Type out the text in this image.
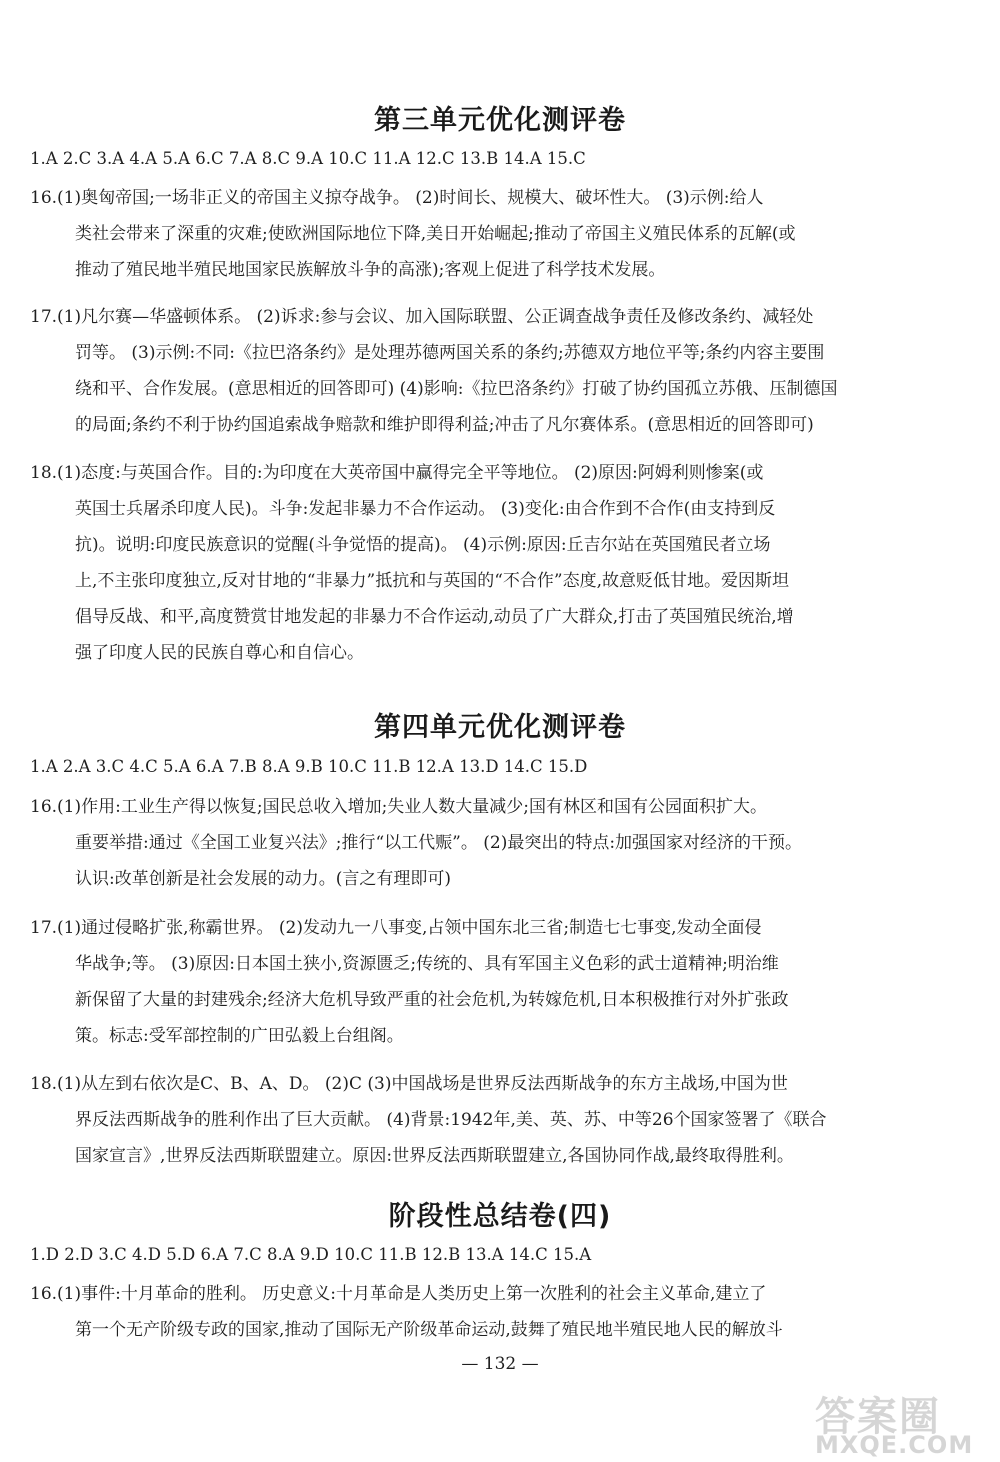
第三单元优化测评卷

1.A 2.C 3.A 4.A 5.A 6.C 7.A 8.C 9.A 10.C 11.A 12.C 13.B 14.A 15.C

16.(1)奥匈帝国;一场非正义的帝国主义掠夺战争。 (2)时间长、规模大、破坏性大。 (3)示例:给人
类社会带来了深重的灾难;使欧洲国际地位下降,美日开始崛起;推动了帝国主义殖民体系的瓦解(或
推动了殖民地半殖民地国家民族解放斗争的高涨);客观上促进了科学技术发展。
17.(1)凡尔赛—华盛顿体系。 (2)诉求:参与会议、加入国际联盟、公正调查战争责任及修改条约、减轻处
罚等。 (3)示例:不同:《拉巴洛条约》是处理苏德两国关系的条约;苏德双方地位平等;条约内容主要围
绕和平、合作发展。(意思相近的回答即可) (4)影响:《拉巴洛条约》打破了协约国孤立苏俄、压制德国
的局面;条约不利于协约国追索战争赔款和维护即得利益;冲击了凡尔赛体系。(意思相近的回答即可)
18.(1)态度:与英国合作。目的:为印度在大英帝国中赢得完全平等地位。 (2)原因:阿姆利则惨案(或
英国士兵屠杀印度人民)。斗争:发起非暴力不合作运动。 (3)变化:由合作到不合作(由支持到反
抗)。说明:印度民族意识的觉醒(斗争觉悟的提高)。 (4)示例:原因:丘吉尔站在英国殖民者立场
上,不主张印度独立,反对甘地的“非暴力”抵抗和与英国的“不合作”态度,故意贬低甘地。爱因斯坦
倡导反战、和平,高度赞赏甘地发起的非暴力不合作运动,动员了广大群众,打击了英国殖民统治,增
强了印度人民的民族自尊心和自信心。
第四单元优化测评卷

1.A 2.A 3.C 4.C 5.A 6.A 7.B 8.A 9.B 10.C 11.B 12.A 13.D 14.C 15.D

16.(1)作用:工业生产得以恢复;国民总收入增加;失业人数大量减少;国有林区和国有公园面积扩大。
重要举措:通过《全国工业复兴法》;推行“以工代赈”。 (2)最突出的特点:加强国家对经济的干预。
认识:改革创新是社会发展的动力。(言之有理即可)
17.(1)通过侵略扩张,称霸世界。 (2)发动九一八事变,占领中国东北三省;制造七七事变,发动全面侵
华战争;等。 (3)原因:日本国土狭小,资源匮乏;传统的、具有军国主义色彩的武士道精神;明治维
新保留了大量的封建残余;经济大危机导致严重的社会危机,为转嫁危机,日本积极推行对外扩张政
策。标志:受军部控制的广田弘毅上台组阁。
18.(1)从左到右依次是C、B、A、D。 (2)C (3)中国战场是世界反法西斯战争的东方主战场,中国为世
界反法西斯战争的胜利作出了巨大贡献。 (4)背景:1942年,美、英、苏、中等26个国家签署了《联合
国家宣言》,世界反法西斯联盟建立。原因:世界反法西斯联盟建立,各国协同作战,最终取得胜利。
阶段性总结卷(四)

1.D 2.D 3.C 4.D 5.D 6.A 7.C 8.A 9.D 10.C 11.B 12.B 13.A 14.C 15.A

16.(1)事件:十月革命的胜利。 历史意义:十月革命是人类历史上第一次胜利的社会主义革命,建立了
第一个无产阶级专政的国家,推动了国际无产阶级革命运动,鼓舞了殖民地半殖民地人民的解放斗
— 132 —
答案圈
MXQE.COM
